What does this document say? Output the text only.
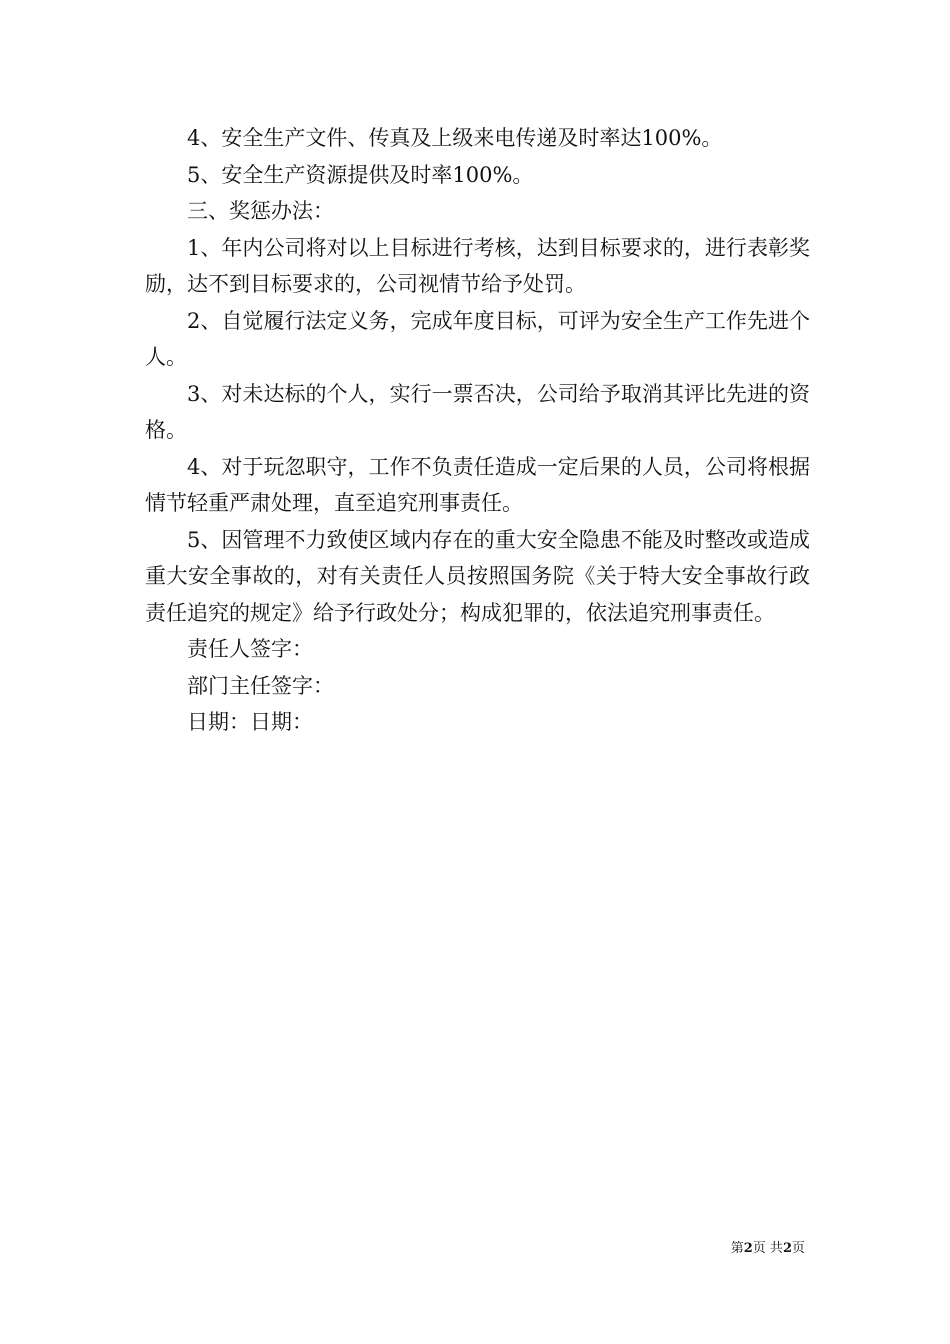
4、安全生产文件、传真及上级来电传递及时率达100%。

5、安全生产资源提供及时率100%。

三、奖惩办法：

1、年内公司将对以上目标进行考核，达到目标要求的，进行表彰奖励，达不到目标要求的，公司视情节给予处罚。

2、自觉履行法定义务，完成年度目标，可评为安全生产工作先进个人。

3、对未达标的个人，实行一票否决，公司给予取消其评比先进的资格。

4、对于玩忽职守，工作不负责任造成一定后果的人员，公司将根据情节轻重严肃处理，直至追究刑事责任。

5、因管理不力致使区域内存在的重大安全隐患不能及时整改或造成重大安全事故的，对有关责任人员按照国务院《关于特大安全事故行政责任追究的规定》给予行政处分；构成犯罪的，依法追究刑事责任。

责任人签字：

部门主任签字：

日期：日期：

第2页 共2页
